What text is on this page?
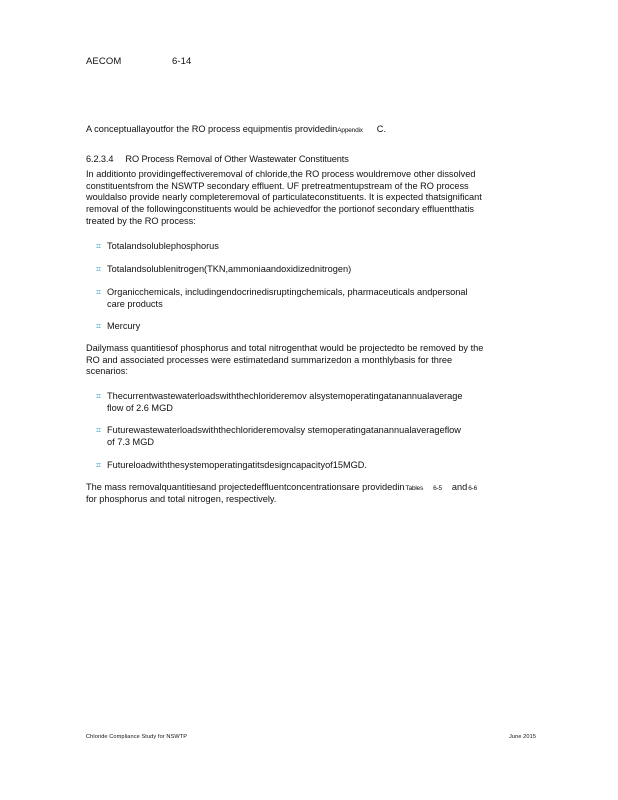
AECOM	6-14
A conceptuallayoutfor the RO process equipmentis providedinAppendix C.
6.2.3.4 RO Process Removal of Other Wastewater Constituents
In additionto providingeffectiveremoval of chloride,the RO process wouldremove other dissolved
constituentsfrom the NSWTP secondary effluent. UF pretreatmentupstream of the RO process
wouldalso provide nearly completeremoval of particulateconstituents. It is expected thatsignificant
removal of the followingconstituents would be achievedfor the portionof secondary effluentthatis
treated by the RO process:
⌗ Totalandsolublephosphorus
⌗ Totalandsolublenitrogen(TKN,ammoniaandoxidizednitrogen)
⌗ Organicchemicals, includingendocrinedisruptingchemicals, pharmaceuticals andpersonal
care products
⌗ Mercury
Dailymass quantitiesof phosphorus and total nitrogenthat would be projectedto be removed by the
RO and associated processes were estimatedand summarizedon a monthlybasis for three
scenarios:
⌗ Thecurrentwastewaterloadswiththechlorideremov alsystemoperatingatanannualaverage
flow of 2.6 MGD
⌗ Futurewastewaterloadswiththechlorideremovalsy stemoperatingatanannualaverageflow
of 7.3 MGD
⌗ Futureloadwiththesystemoperatingatitsdesigncapacityof15MGD.
The mass removalquantitiesand projectedeffluentconcentrationsare providedinTables 6-5 and6-6
for phosphorus and total nitrogen, respectively.
Chloride Compliance Study for NSWTP	June 2015
